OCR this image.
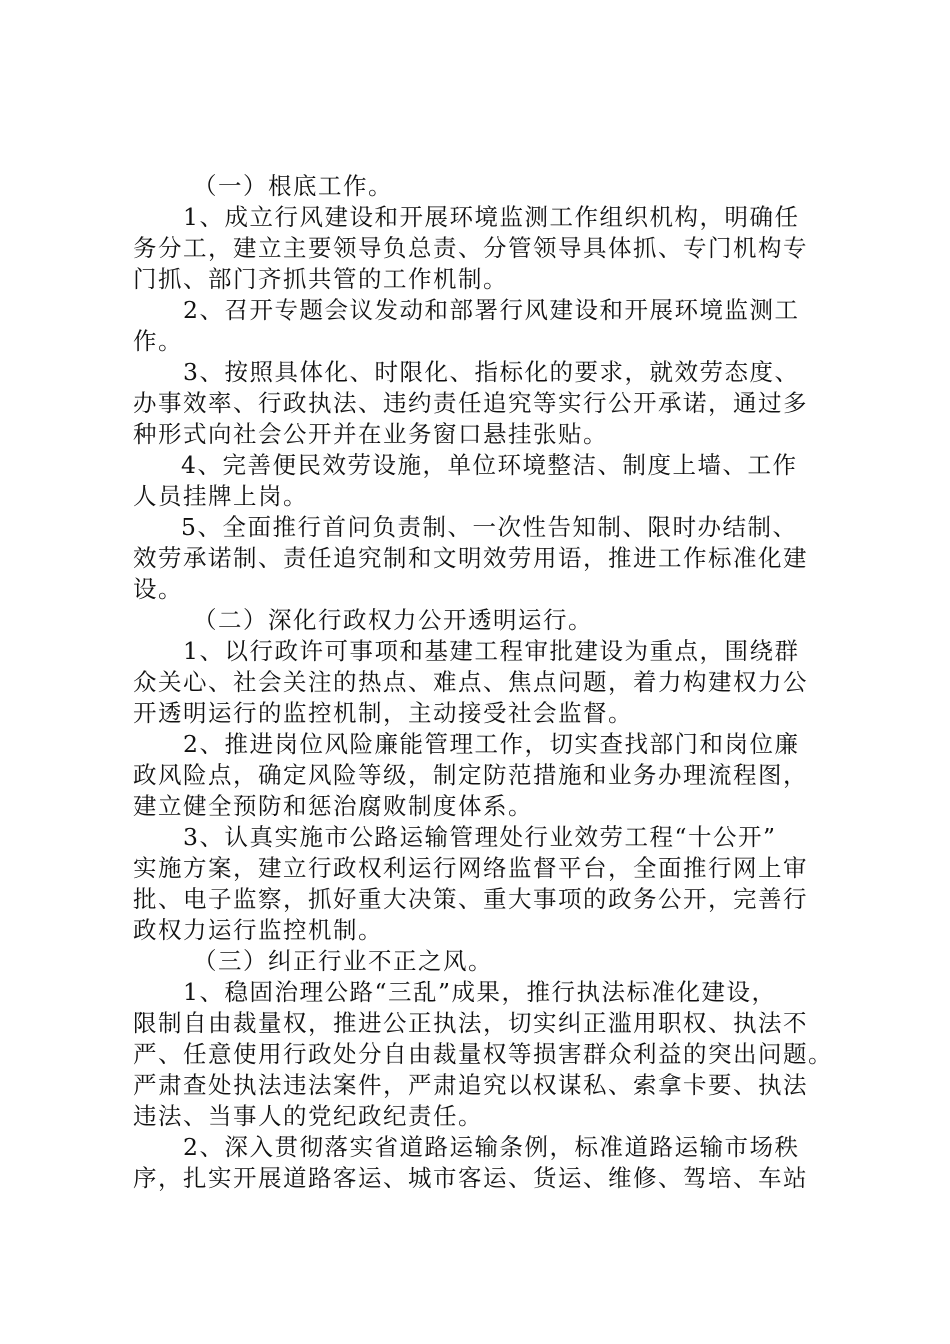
（一）根底工作。
1、成立行风建设和开展环境监测工作组织机构，明确任
务分工，建立主要领导负总责、分管领导具体抓、专门机构专
门抓、部门齐抓共管的工作机制。
2、召开专题会议发动和部署行风建设和开展环境监测工
作。
3、按照具体化、时限化、指标化的要求，就效劳态度、
办事效率、行政执法、违约责任追究等实行公开承诺，通过多
种形式向社会公开并在业务窗口悬挂张贴。
4、完善便民效劳设施，单位环境整洁、制度上墙、工作
人员挂牌上岗。
5、全面推行首问负责制、一次性告知制、限时办结制、
效劳承诺制、责任追究制和文明效劳用语，推进工作标准化建
设。
（二）深化行政权力公开透明运行。
1、以行政许可事项和基建工程审批建设为重点，围绕群
众关心、社会关注的热点、难点、焦点问题，着力构建权力公
开透明运行的监控机制，主动接受社会监督。
2、推进岗位风险廉能管理工作，切实查找部门和岗位廉
政风险点，确定风险等级，制定防范措施和业务办理流程图，
建立健全预防和惩治腐败制度体系。
3、认真实施市公路运输管理处行业效劳工程“十公开”
实施方案，建立行政权利运行网络监督平台，全面推行网上审
批、电子监察，抓好重大决策、重大事项的政务公开，完善行
政权力运行监控机制。
（三）纠正行业不正之风。
1、稳固治理公路“三乱”成果，推行执法标准化建设，
限制自由裁量权，推进公正执法，切实纠正滥用职权、执法不
严、任意使用行政处分自由裁量权等损害群众利益的突出问题。
严肃查处执法违法案件，严肃追究以权谋私、索拿卡要、执法
违法、当事人的党纪政纪责任。
2、深入贯彻落实省道路运输条例，标准道路运输市场秩
序，扎实开展道路客运、城市客运、货运、维修、驾培、车站
